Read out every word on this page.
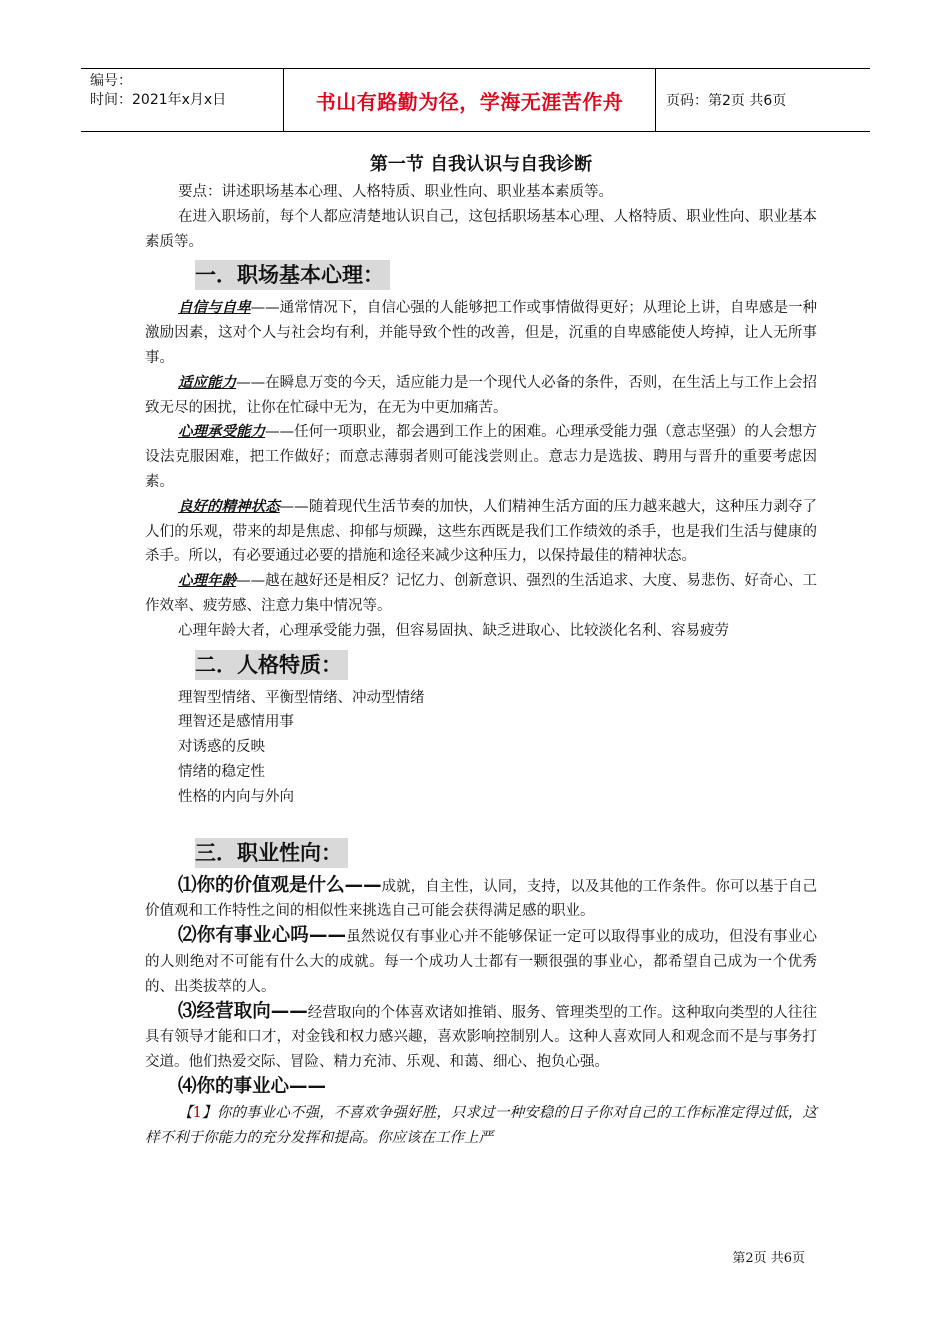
编号：
时间：2021年x月x日	书山有路勤为径，学海无涯苦作舟	页码：第2页 共6页
第一节 自我认识与自我诊断

要点：讲述职场基本心理、人格特质、职业性向、职业基本素质等。

在进入职场前，每个人都应清楚地认识自己，这包括职场基本心理、人格特质、职业性向、职业基本素质等。

一．职场基本心理：

自信与自卑——通常情况下，自信心强的人能够把工作或事情做得更好；从理论上讲，自卑感是一种激励因素，这对个人与社会均有利，并能导致个性的改善，但是，沉重的自卑感能使人垮掉，让人无所事事。

适应能力——在瞬息万变的今天，适应能力是一个现代人必备的条件，否则，在生活上与工作上会招致无尽的困扰，让你在忙碌中无为，在无为中更加痛苦。

心理承受能力——任何一项职业，都会遇到工作上的困难。心理承受能力强（意志坚强）的人会想方设法克服困难，把工作做好；而意志薄弱者则可能浅尝则止。意志力是选拔、聘用与晋升的重要考虑因素。

良好的精神状态——随着现代生活节奏的加快，人们精神生活方面的压力越来越大，这种压力剥夺了人们的乐观，带来的却是焦虑、抑郁与烦躁，这些东西既是我们工作绩效的杀手，也是我们生活与健康的杀手。所以，有必要通过必要的措施和途径来减少这种压力，以保持最佳的精神状态。

心理年龄——越在越好还是相反？记忆力、创新意识、强烈的生活追求、大度、易悲伤、好奇心、工作效率、疲劳感、注意力集中情况等。

心理年龄大者，心理承受能力强，但容易固执、缺乏进取心、比较淡化名利、容易疲劳

二．人格特质：

理智型情绪、平衡型情绪、冲动型情绪

理智还是感情用事

对诱惑的反映

情绪的稳定性

性格的内向与外向

三．职业性向：

⑴你的价值观是什么——成就，自主性，认同，支持，以及其他的工作条件。你可以基于自己价值观和工作特性之间的相似性来挑选自己可能会获得满足感的职业。

⑵你有事业心吗——虽然说仅有事业心并不能够保证一定可以取得事业的成功，但没有事业心的人则绝对不可能有什么大的成就。每一个成功人士都有一颗很强的事业心，都希望自己成为一个优秀的、出类拔萃的人。

⑶经营取向——经营取向的个体喜欢诸如推销、服务、管理类型的工作。这种取向类型的人往往具有领导才能和口才，对金钱和权力感兴趣，喜欢影响控制别人。这种人喜欢同人和观念而不是与事务打交道。他们热爱交际、冒险、精力充沛、乐观、和蔼、细心、抱负心强。

⑷你的事业心——

【1】你的事业心不强，不喜欢争强好胜，只求过一种安稳的日子你对自己的工作标准定得过低，这样不利于你能力的充分发挥和提高。你应该在工作上严

第2页 共6页
